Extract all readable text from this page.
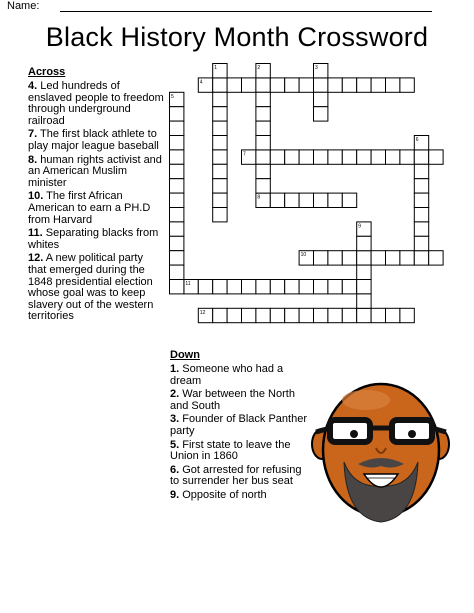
Name:
Black History Month Crossword
Across
4. Led hundreds of enslaved people to freedom through underground railroad
7. The first black athlete to play major league baseball
8. human rights activist and an American Muslim minister
10. The first African American to earn a PH.D from Harvard
11. Separating blacks from whites
12. A new political party that emerged during the 1848 presidential election whose goal was to keep slavery out of the western territories
Down
1. Someone who had a dream
2. War between the North and South
3. Founder of Black Panther party
5. First state to leave the Union in 1860
6. Got arrested for refusing to surrender her bus seat
9. Opposite of north
1	2	3
4
5
6
7
8
9
10
11
12
